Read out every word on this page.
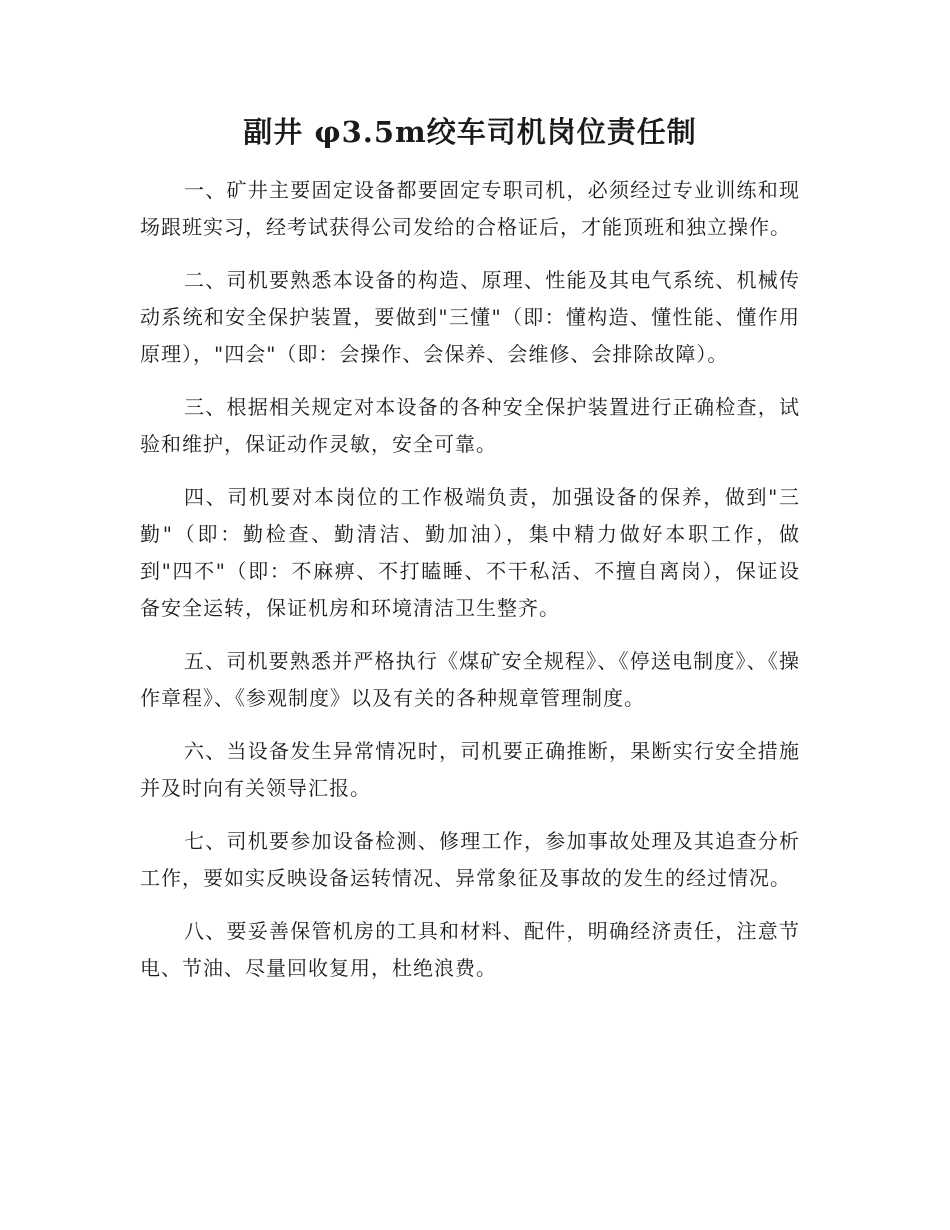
副井 φ3.5m绞车司机岗位责任制

一、矿井主要固定设备都要固定专职司机，必须经过专业训练和现场跟班实习，经考试获得公司发给的合格证后，才能顶班和独立操作。

二、司机要熟悉本设备的构造、原理、性能及其电气系统、机械传动系统和安全保护装置，要做到"三懂"（即：懂构造、懂性能、懂作用原理），"四会"（即：会操作、会保养、会维修、会排除故障）。

三、根据相关规定对本设备的各种安全保护装置进行正确检查，试验和维护，保证动作灵敏，安全可靠。

四、司机要对本岗位的工作极端负责，加强设备的保养，做到"三勤"（即：勤检查、勤清洁、勤加油），集中精力做好本职工作，做到"四不"（即：不麻痹、不打瞌睡、不干私活、不擅自离岗），保证设备安全运转，保证机房和环境清洁卫生整齐。

五、司机要熟悉并严格执行《煤矿安全规程》、《停送电制度》、《操作章程》、《参观制度》以及有关的各种规章管理制度。

六、当设备发生异常情况时，司机要正确推断，果断实行安全措施并及时向有关领导汇报。

七、司机要参加设备检测、修理工作，参加事故处理及其追查分析工作，要如实反映设备运转情况、异常象征及事故的发生的经过情况。

八、要妥善保管机房的工具和材料、配件，明确经济责任，注意节电、节油、尽量回收复用，杜绝浪费。
